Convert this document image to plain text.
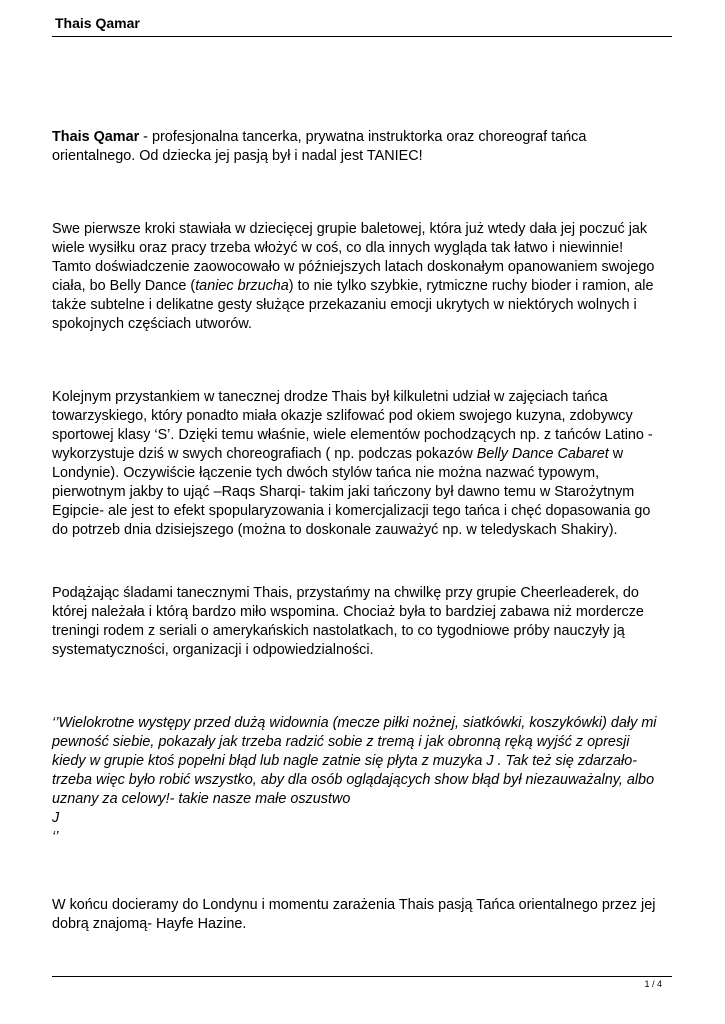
Thais Qamar

Thais Qamar - profesjonalna tancerka, prywatna instruktorka oraz choreograf tańca
orientalnego. Od dziecka jej pasją był i nadal jest TANIEC!

Swe pierwsze kroki stawiała w dziecięcej grupie baletowej, która już wtedy dała jej poczuć jak
wiele wysiłku oraz pracy trzeba włożyć w coś, co dla innych wygląda tak łatwo i niewinnie!
Tamto doświadczenie zaowocowało w późniejszych latach doskonałym opanowaniem swojego
ciała, bo Belly Dance (taniec brzucha) to nie tylko szybkie, rytmiczne ruchy bioder i ramion, ale
także subtelne i delikatne gesty służące przekazaniu emocji ukrytych w niektórych wolnych i
spokojnych częściach utworów.

Kolejnym przystankiem w tanecznej drodze Thais był kilkuletni udział w zajęciach tańca
towarzyskiego, który ponadto miała okazje szlifować pod okiem swojego kuzyna, zdobywcy
sportowej klasy ‘S’. Dzięki temu właśnie, wiele elementów pochodzących np. z tańców Latino -
wykorzystuje dziś w swych choreografiach ( np. podczas pokazów Belly Dance Cabaret w
Londynie). Oczywiście łączenie tych dwóch stylów tańca nie można nazwać typowym,
pierwotnym jakby to ująć –Raqs Sharqi- takim jaki tańczony był dawno temu w Starożytnym
Egipcie- ale jest to efekt spopularyzowania i komercjalizacji tego tańca i chęć dopasowania go
do potrzeb dnia dzisiejszego (można to doskonale zauważyć np. w teledyskach Shakiry).

Podążając śladami tanecznymi Thais, przystańmy na chwilkę przy grupie Cheerleaderek, do
której należała i którą bardzo miło wspomina. Chociaż była to bardziej zabawa niż mordercze
treningi rodem z seriali o amerykańskich nastolatkach, to co tygodniowe próby nauczyły ją
systematyczności, organizacji i odpowiedzialności.

‘’Wielokrotne występy przed dużą widownia (mecze piłki nożnej, siatkówki, koszykówki) dały mi
pewność siebie, pokazały jak trzeba radzić sobie z tremą i jak obronną ręką wyjść z opresji
kiedy w grupie ktoś popełni błąd lub nagle zatnie się płyta z muzyka J . Tak też się zdarzało-
trzeba więc było robić wszystko, aby dla osób oglądających show błąd był niezauważalny, albo
uznany za celowy!- takie nasze małe oszustwo
J
‘’

W końcu docieramy do Londynu i momentu zarażenia Thais pasją Tańca orientalnego przez jej
dobrą znajomą- Hayfe Hazine.

1 / 4
